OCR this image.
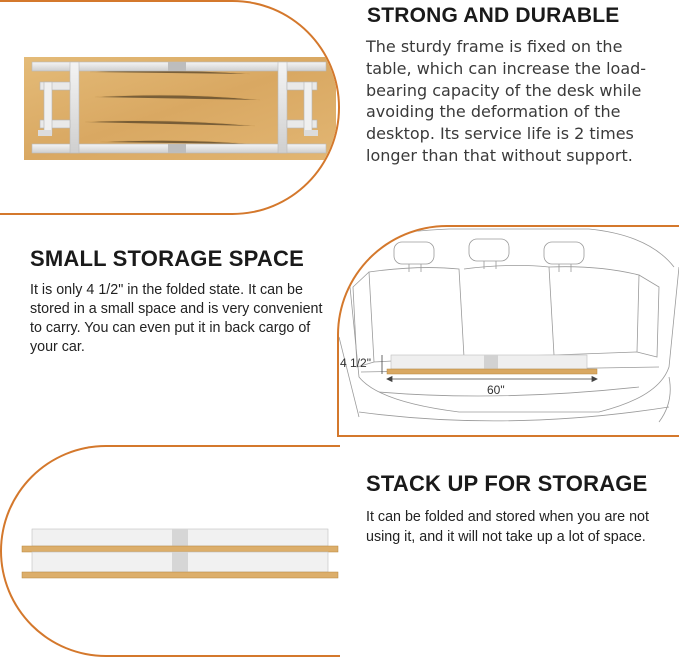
STRONG AND DURABLE

The sturdy frame is fixed on the table, which can increase the load-bearing capacity of the desk while avoiding the deformation of the desktop. Its service life is 2 times longer than that without support.

SMALL STORAGE SPACE

It is only 4 1/2" in the folded state. It can be stored in a small space and is very convenient to carry. You can even put it in back cargo of your car.

4 1/2"
60"
STACK UP FOR STORAGE

It can be folded and stored when you are not using it, and it will not take up a lot of space.
